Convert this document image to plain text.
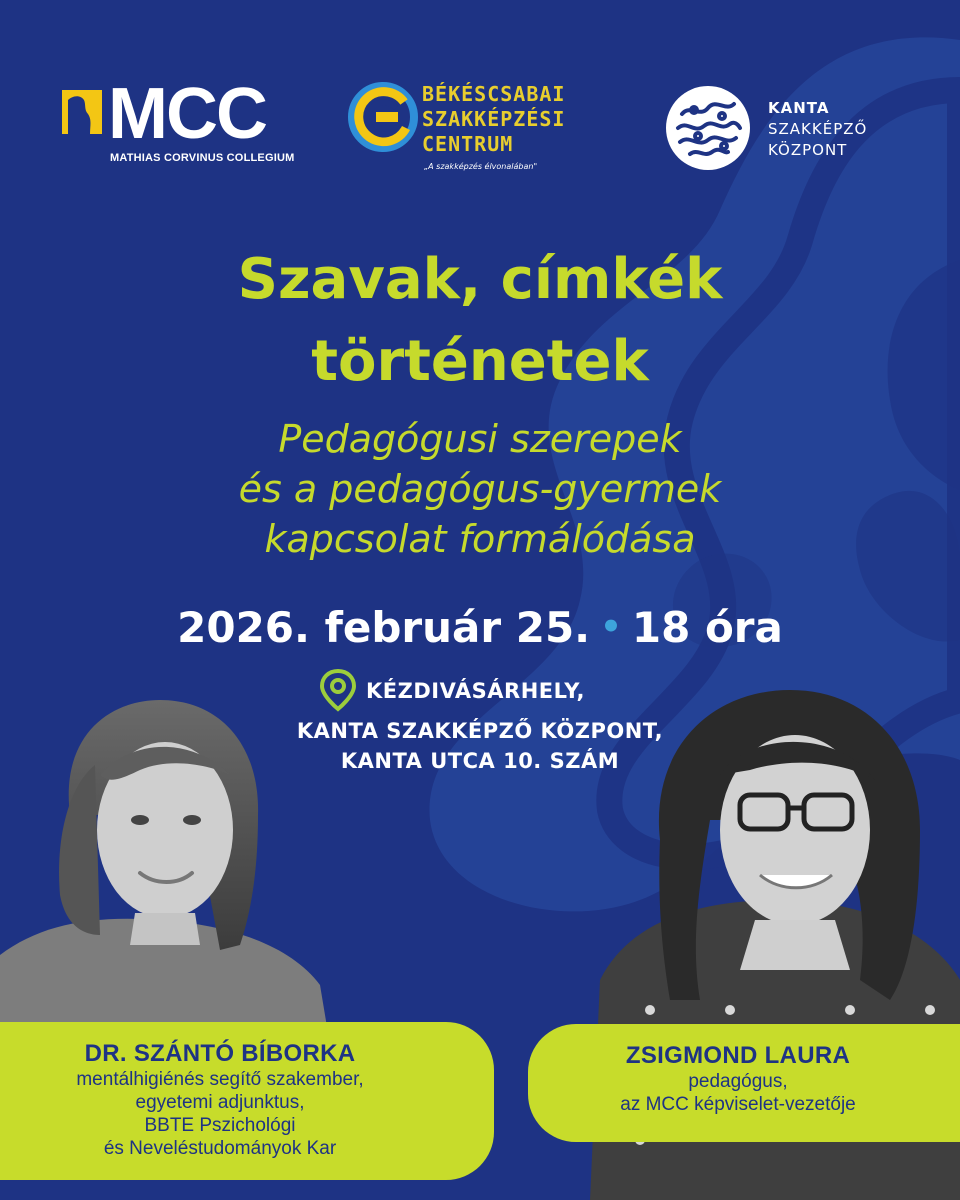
MCC
MATHIAS CORVINUS COLLEGIUM
BÉKÉSCSABAI
SZAKKÉPZÉSI
CENTRUM
„A szakképzés élvonalában"
KANTA
SZAKKÉPZŐ
KÖZPONT
Szavak, címkék
történetek
Pedagógusi szerepek
és a pedagógus-gyermek
kapcsolat formálódása
2026. február 25. • 18 óra
KÉZDIVÁSÁRHELY,
KANTA SZAKKÉPZŐ KÖZPONT,
KANTA UTCA 10. SZÁM
DR. SZÁNTÓ BÍBORKA
mentálhigiénés segítő szakember,
egyetemi adjunktus,
BBTE Pszichológi
és Neveléstudományok Kar
ZSIGMOND LAURA
pedagógus,
az MCC képviselet-vezetője
